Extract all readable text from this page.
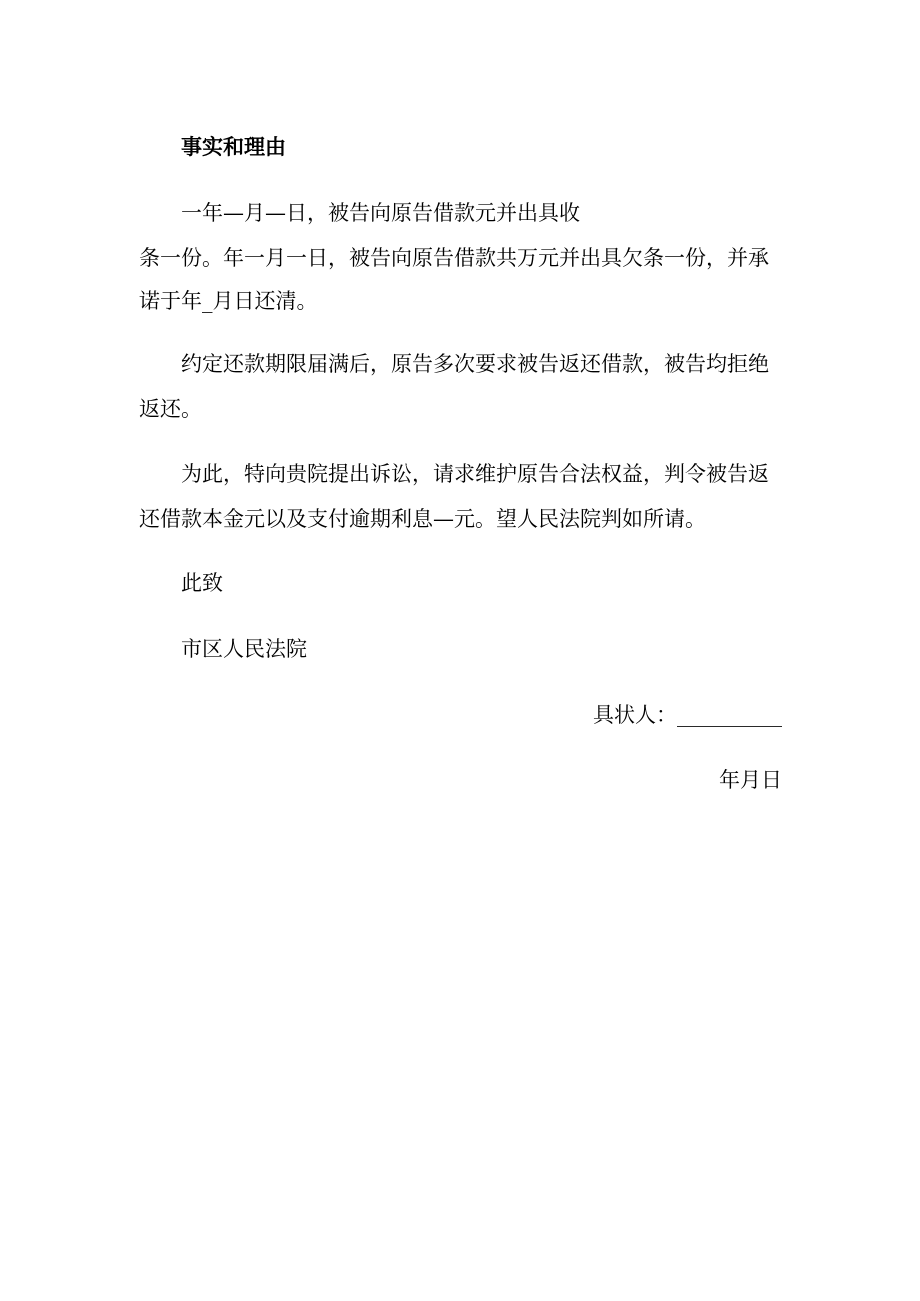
事实和理由
一年—月—日，被告向原告借款元并出具收
条一份。年一月一日，被告向原告借款共万元并出具欠条一份，并承
诺于年_月日还清。
约定还款期限届满后，原告多次要求被告返还借款，被告均拒绝
返还。
为此，特向贵院提出诉讼，请求维护原告合法权益，判令被告返
还借款本金元以及支付逾期利息—元。望人民法院判如所请。
此致
市区人民法院
具状人：__________
年月日
